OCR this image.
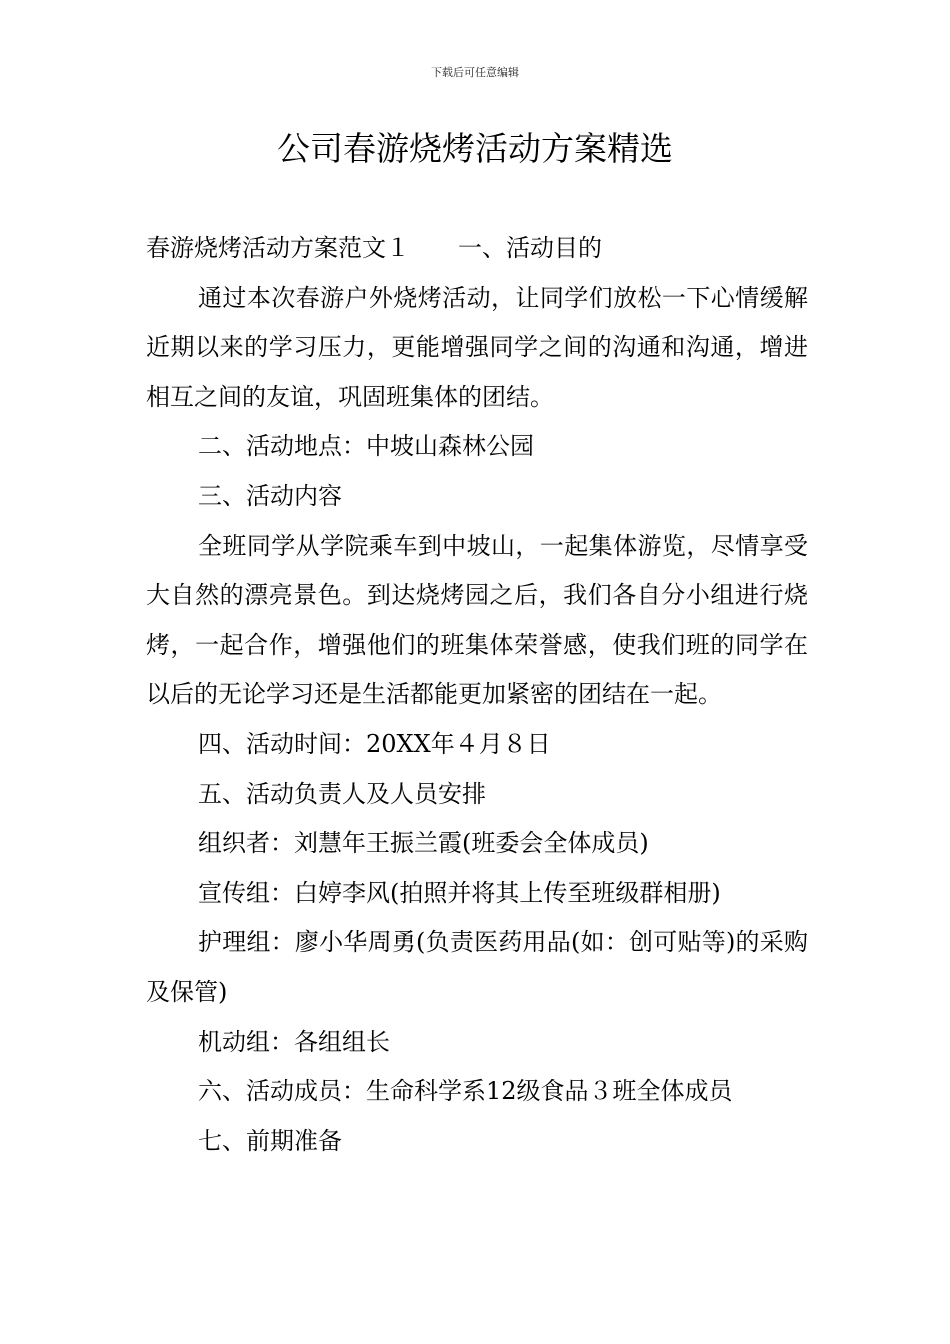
下载后可任意编辑
公司春游烧烤活动方案精选

春游烧烤活动方案范文１ 一、活动目的

通过本次春游户外烧烤活动，让同学们放松一下心情缓解近期以来的学习压力，更能增强同学之间的沟通和沟通，增进相互之间的友谊，巩固班集体的团结。

二、活动地点：中坡山森林公园

三、活动内容

全班同学从学院乘车到中坡山，一起集体游览，尽情享受大自然的漂亮景色。到达烧烤园之后，我们各自分小组进行烧烤，一起合作，增强他们的班集体荣誉感，使我们班的同学在以后的无论学习还是生活都能更加紧密的团结在一起。

四、活动时间：20XX年４月８日

五、活动负责人及人员安排

组织者：刘慧年王振兰霞(班委会全体成员)

宣传组：白婷李风(拍照并将其上传至班级群相册)

护理组：廖小华周勇(负责医药用品(如：创可贴等)的采购及保管)

机动组：各组组长

六、活动成员：生命科学系12级食品３班全体成员

七、前期准备
